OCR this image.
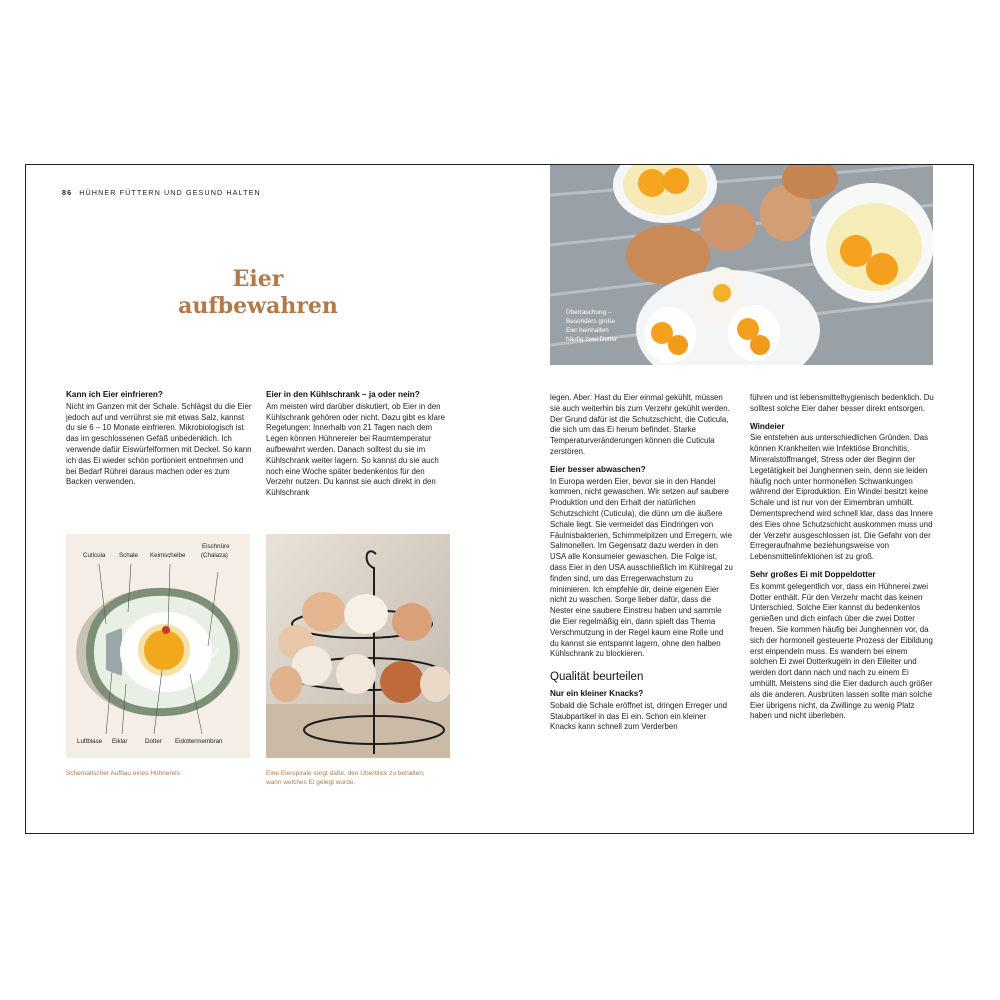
86 HÜHNER FÜTTERN UND GESUND HALTEN
Eier
aufbewahren
Kann ich Eier einfrieren?

Nicht im Ganzen mit der Schale. Schlägst du die Eier jedoch auf und verrührst sie mit etwas Salz, kannst du sie 6 – 10 Monate einfrieren. Mikrobiologisch ist das im geschlossenen Gefäß unbedenklich. Ich verwende dafür Eiswürfelformen mit Deckel. So kann ich das Ei wieder schön portioniert entnehmen und bei Bedarf Rührei daraus machen oder es zum Backen verwenden.

Eier in den Kühlschrank – ja oder nein?

Am meisten wird darüber diskutiert, ob Eier in den Kühlschrank gehören oder nicht. Dazu gibt es klare Regelungen: Innerhalb von 21 Tagen nach dem Legen können Hühnereier bei Raumtemperatur aufbewahrt werden. Danach solltest du sie im Kühlschrank weiter lagern. So kannst du sie auch noch eine Woche später bedenkenlos für den Verzehr nutzen. Du kannst sie auch direkt in den Kühlschrank

Cuticula Schale Keimscheibe
Eischnüre
(Chalaza)
Luftblase Eiklar	Dotter Eidottermembran
Schematischer Aufbau eines Hühnereis	Eine Eierspirale sorgt dafür, den Überblick zu behalten,
wann welches Ei gelegt wurde.
Überraschung –
Besonders große
Eier beinhalten
häufig zwei Dotter

legen. Aber: Hast du Eier einmal gekühlt, müssen sie auch weiterhin bis zum Verzehr gekühlt werden. Der Grund dafür ist die Schutzschicht, die Cuticula, die sich um das Ei herum befindet. Starke Temperaturveränderungen können die Cuticula zerstören.

Eier besser abwaschen?

In Europa werden Eier, bevor sie in den Handel kommen, nicht gewaschen. Wir setzen auf saubere Produktion und den Erhalt der natürlichen Schutzschicht (Cuticula), die dünn um die äußere Schale liegt. Sie vermeidet das Eindringen von Fäulnisbakterien, Schimmelpilzen und Erregern, wie Salmonellen. Im Gegensatz dazu werden in den USA alle Konsumeier gewaschen. Die Folge ist, dass Eier in den USA ausschließlich im Kühlregal zu finden sind, um das Erregerwachstum zu minimieren. Ich empfehle dir, deine eigenen Eier nicht zu waschen. Sorge lieber dafür, dass die Nester eine saubere Einstreu haben und sammle die Eier regelmäßig ein, dann spielt das Thema Verschmutzung in der Regel kaum eine Rolle und du kannst sie entspannt lagern, ohne den halben Kühlschrank zu blockieren.

Qualität beurteilen
Nur ein kleiner Knacks?

Sobald die Schale eröffnet ist, dringen Erreger und Staubpartikel in das Ei ein. Schon ein kleiner Knacks kann schnell zum Verderben

führen und ist lebensmittelhygienisch bedenklich. Du solltest solche Eier daher besser direkt entsorgen.

Windeier

Sie entstehen aus unterschiedlichen Gründen. Das können Krankheiten wie Infektiöse Bronchitis, Mineralstoffmangel, Stress oder der Beginn der Legetätigkeit bei Junghennen sein, denn sie leiden häufig noch unter hormonellen Schwankungen während der Eiproduktion. Ein Windei besitzt keine Schale und ist nur von der Eimembran umhüllt. Dementsprechend wird schnell klar, dass das Innere des Eies ohne Schutzschicht auskommen muss und der Verzehr ausgeschlossen ist. Die Gefahr von der Erregeraufnahme beziehungsweise von Lebensmittelinfektionen ist zu groß.

Sehr großes Ei mit Doppeldotter

Es kommt gelegentlich vor, dass ein Hühnerei zwei Dotter enthält. Für den Verzehr macht das keinen Unterschied. Solche Eier kannst du bedenkenlos genießen und dich einfach über die zwei Dotter freuen. Sie kommen häufig bei Junghennen vor, da sich der hormonell gesteuerte Prozess der Eibildung erst einpendeln muss. Es wandern bei einem solchen Ei zwei Dotterkugeln in den Eileiter und werden dort dann nach und nach zu einem Ei umhüllt. Meistens sind die Eier dadurch auch größer als die anderen. Ausbrüten lassen sollte man solche Eier übrigens nicht, da Zwillinge zu wenig Platz haben und nicht überleben.
